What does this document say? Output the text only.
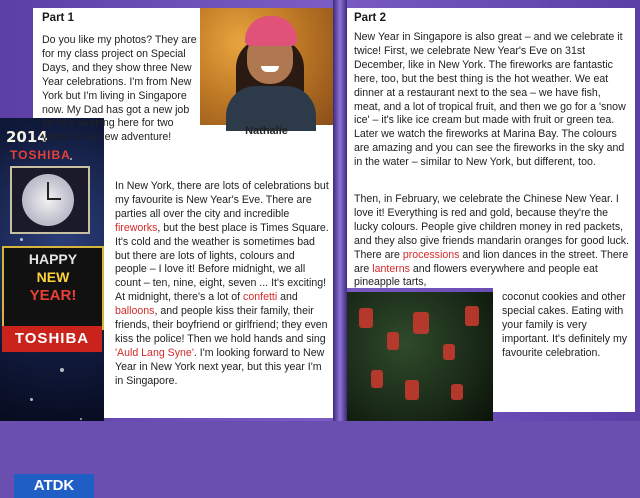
2014
TOSHIBA
HAPPY
NEW
YEAR!
TOSHIBA
ATDK
Nathalie
Part 1

Do you like my photos? They are for my class project on Special Days, and they show three New Year celebrations. I'm from New York but I'm living in Singapore now. My Dad has got a new job so he's working here for two years. It's a new adventure!

In New York, there are lots of celebrations but my favourite is New Year's Eve. There are parties all over the city and incredible fireworks, but the best place is Times Square. It's cold and the weather is sometimes bad but there are lots of lights, colours and people – I love it! Before midnight, we all count – ten, nine, eight, seven ... It's exciting! At midnight, there's a lot of confetti and balloons, and people kiss their family, their friends, their boyfriend or girlfriend; they even kiss the police! Then we hold hands and sing 'Auld Lang Syne'. I'm looking forward to New Year in New York next year, but this year I'm in Singapore.

Part 2

New Year in Singapore is also great – and we celebrate it twice! First, we celebrate New Year's Eve on 31st December, like in New York. The fireworks are fantastic here, too, but the best thing is the hot weather. We eat dinner at a restaurant next to the sea – we have fish, meat, and a lot of tropical fruit, and then we go for a 'snow ice' – it's like ice cream but made with fruit or green tea. Later we watch the fireworks at Marina Bay. The colours are amazing and you can see the fireworks in the sky and in the water – similar to New York, but different, too.

Then, in February, we celebrate the Chinese New Year. I love it! Everything is red and gold, because they're the lucky colours. People give children money in red packets, and they also give friends mandarin oranges for good luck. There are processions and lion dances in the street. There are lanterns and flowers everywhere and people eat pineapple tarts,

coconut cookies and other special cakes. Eating with your family is very important. It's definitely my favourite celebration.
